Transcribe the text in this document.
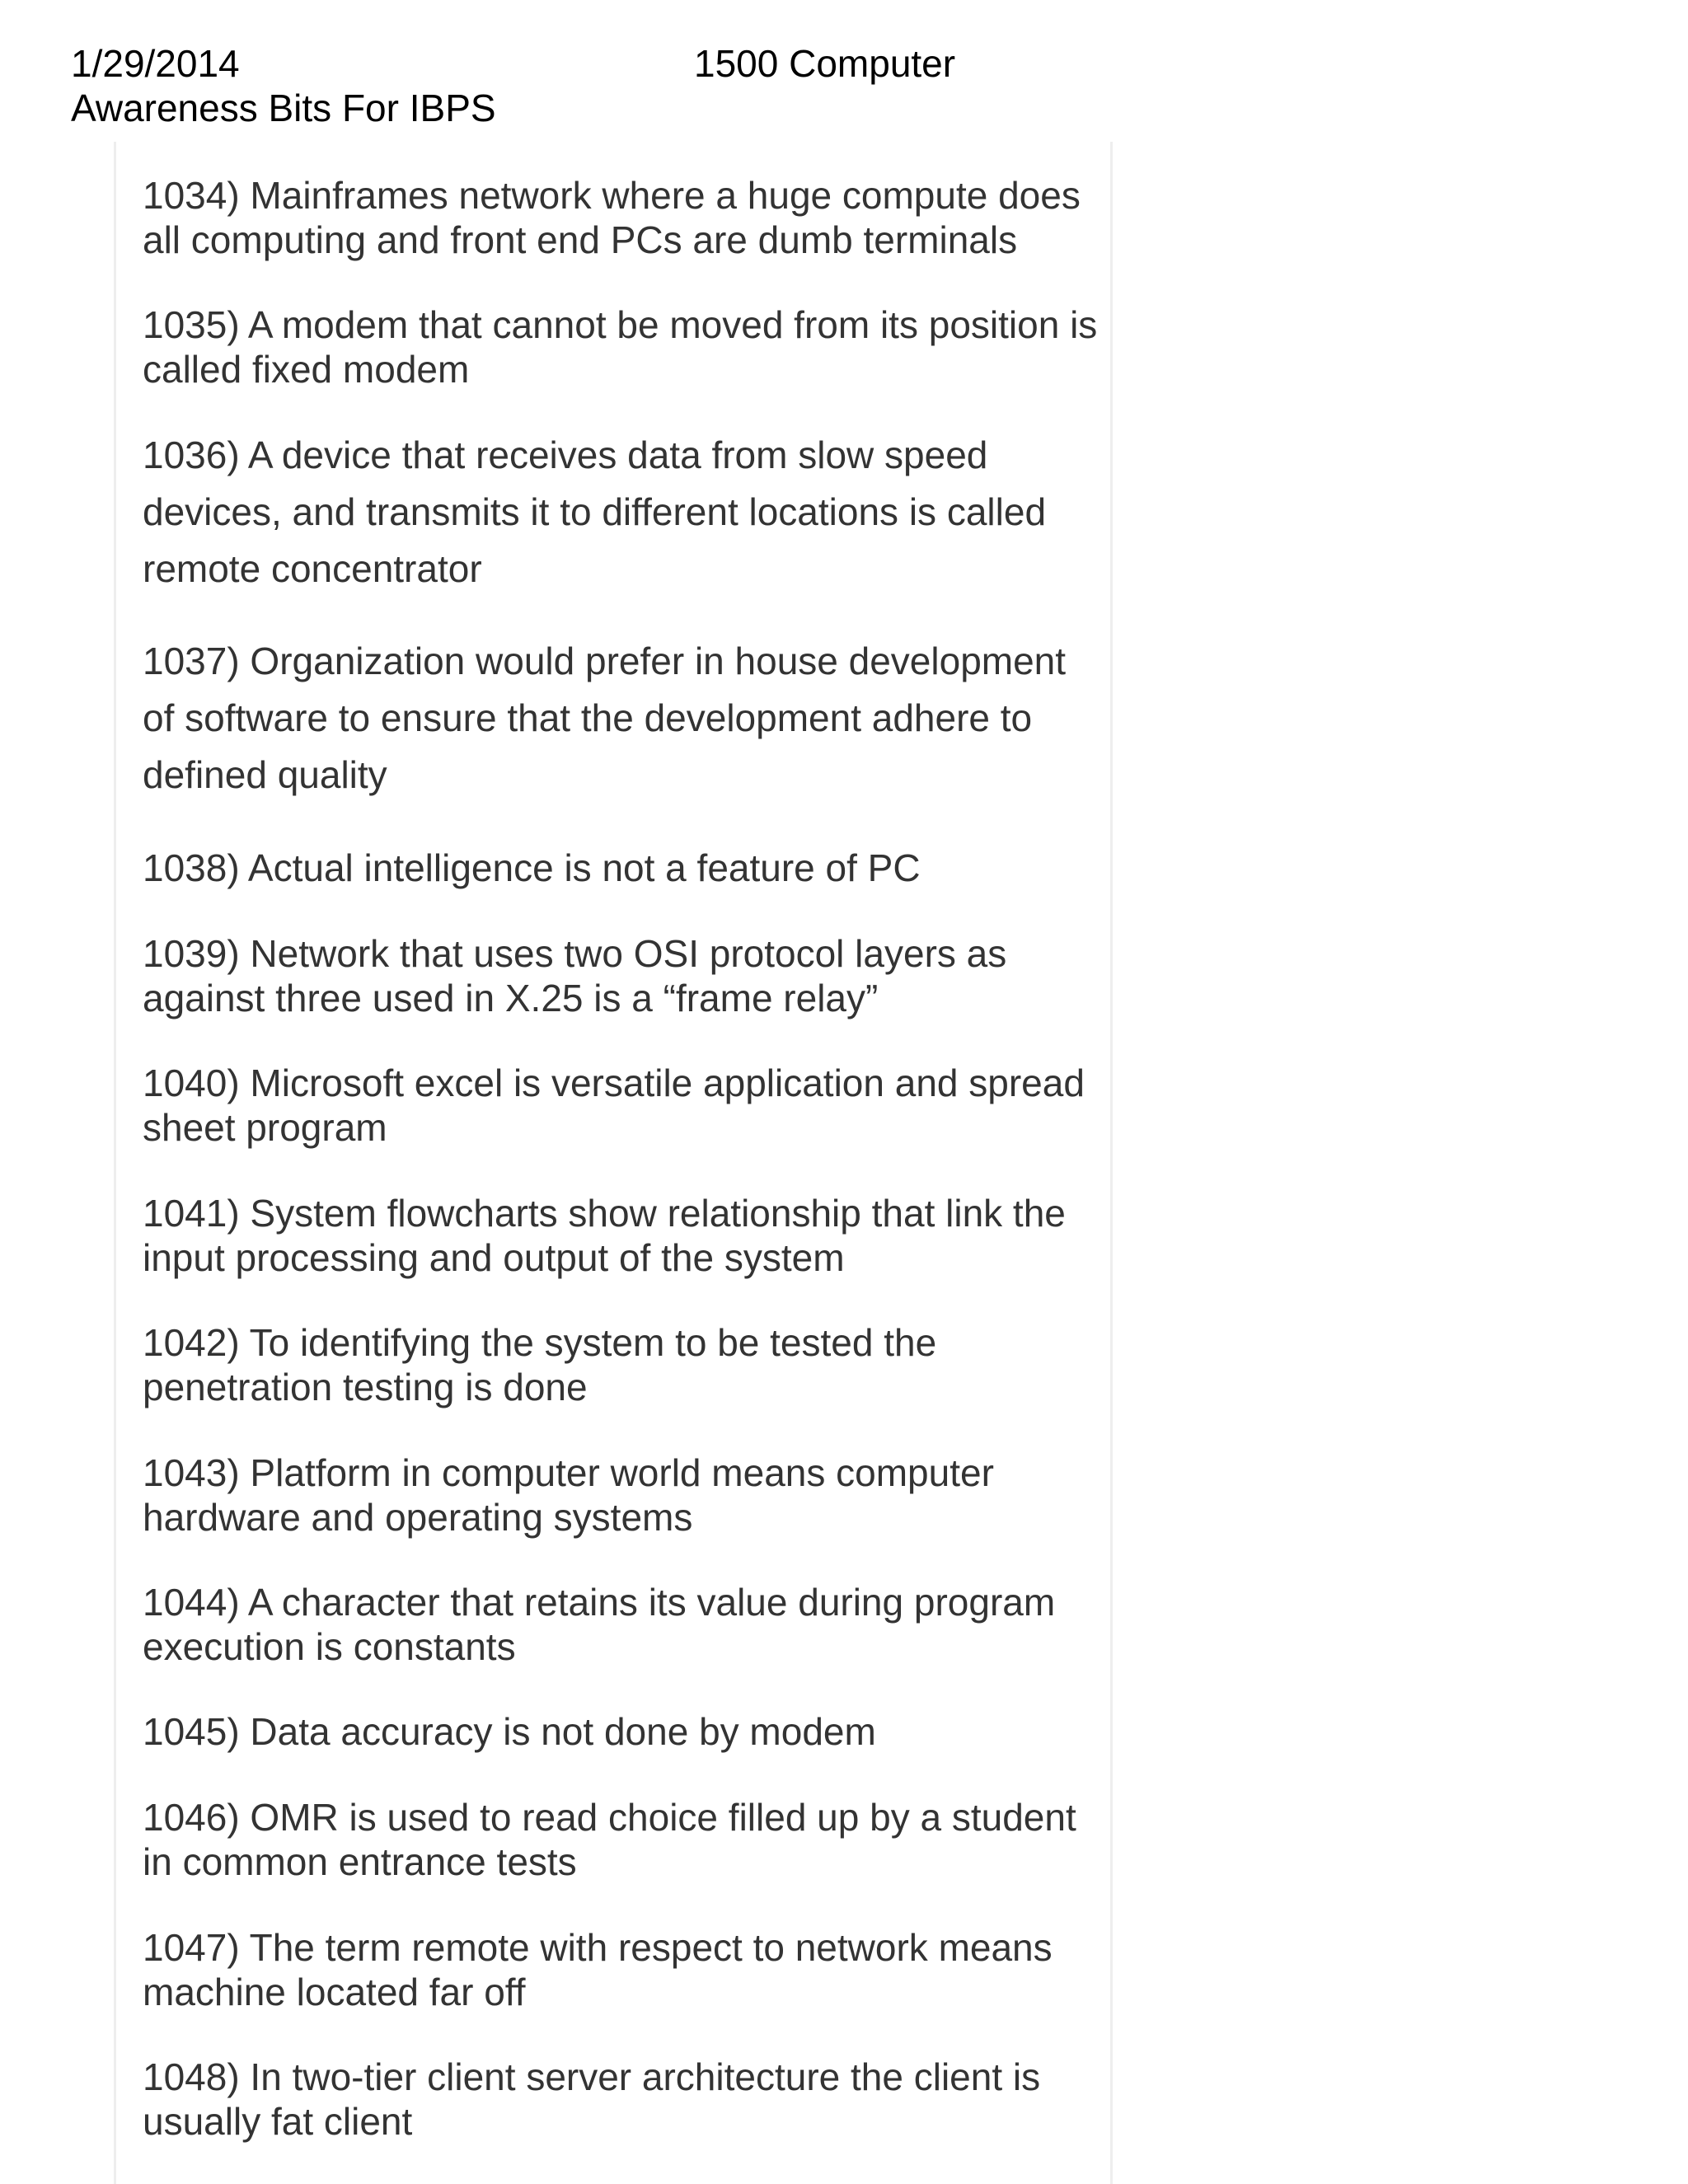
1/29/2014	1500 Computer
Awareness Bits For IBPS
1034) Mainframes network where a huge compute does all computing and front end PCs are dumb terminals
1035) A modem that cannot be moved from its position is called fixed modem
1036) A device that receives data from slow speed devices, and transmits it to different locations is called remote concentrator
1037) Organization would prefer in house development of software to ensure that the development adhere to defined quality
1038) Actual intelligence is not a feature of PC
1039) Network that uses two OSI protocol layers as against three used in X.25 is a “frame relay”
1040) Microsoft excel is versatile application and spread sheet program
1041) System flowcharts show relationship that link the input processing and output of the system
1042) To identifying the system to be tested the penetration testing is done
1043) Platform in computer world means computer hardware and operating systems
1044) A character that retains its value during program execution is constants
1045) Data accuracy is not done by modem
1046) OMR is used to read choice filled up by a student in common entrance tests
1047) The term remote with respect to network means machine located far off
1048) In two-tier client server architecture the client is usually fat client
